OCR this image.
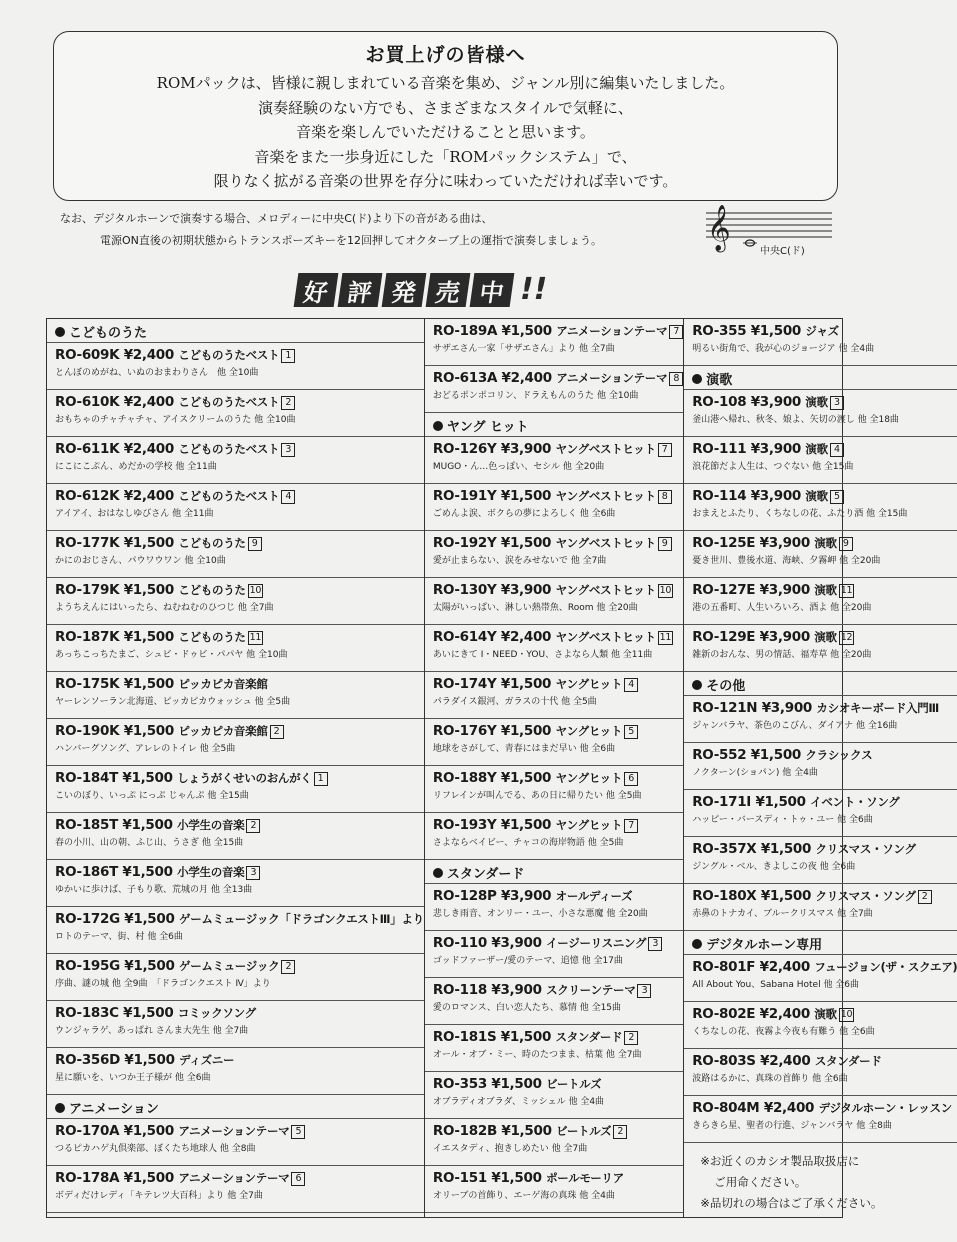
お買上げの皆様へ

ROMパックは、皆様に親しまれている音楽を集め、ジャンル別に編集いたしました。

演奏経験のない方でも、さまざまなスタイルで気軽に、

音楽を楽しんでいただけることと思います。

音楽をまた一歩身近にした「ROMパックシステム」で、

限りなく拡がる音楽の世界を存分に味わっていただければ幸いです。

なお、デジタルホーンで演奏する場合、メロディーに中央C(ド)より下の音がある曲は、
電源ON直後の初期状態からトランスポーズキーを12回押してオクターブ上の運指で演奏しましょう。	𝄞
中央C(ド)
好 評 発 売 中 !!
こどものうた
RO-609K ¥2,400 こどものうたベスト 1
とんぼのめがね、いぬのおまわりさん　他 全10曲
RO-610K ¥2,400 こどものうたベスト 2
おもちゃのチャチャチャ、アイスクリームのうた 他 全10曲
RO-611K ¥2,400 こどものうたベスト 3
にこにこぷん、めだかの学校 他 全11曲
RO-612K ¥2,400 こどものうたベスト 4
アイアイ、おはなしゆびさん 他 全11曲
RO-177K ¥1,500 こどものうた 9
かにのおじさん、パウワウワン 他 全10曲
RO-179K ¥1,500 こどものうた 10
ようちえんにはいったら、ねむねむのひつじ 他 全7曲
RO-187K ¥1,500 こどものうた 11
あっちこっちたまご、シュビ・ドゥビ・パパヤ 他 全10曲
RO-175K ¥1,500 ピッカピカ音楽館
ヤーレンソーラン北海道、ピッカピカウォッシュ 他 全5曲
RO-190K ¥1,500 ピッカピカ音楽館 2
ハンバーグソング、アレレのトイレ 他 全5曲
RO-184T ¥1,500 しょうがくせいのおんがく 1
こいのぼり、いっぷ にっぷ じゃんぷ 他 全15曲
RO-185T ¥1,500 小学生の音楽 2
春の小川、山の朝、ふじ山、うさぎ 他 全15曲
RO-186T ¥1,500 小学生の音楽 3
ゆかいに歩けば、子もり歌、荒城の月 他 全13曲
RO-172G ¥1,500 ゲームミュージック「ドラゴンクエストⅢ」より
ロトのテーマ、街、村 他 全6曲
RO-195G ¥1,500 ゲームミュージック 2
序曲、謎の城 他 全9曲　「ドラゴンクエスト Ⅳ」より
RO-183C ¥1,500 コミックソング
ウンジャラゲ、あっぱれ さんま大先生 他 全7曲
RO-356D ¥1,500 ディズニー
星に願いを、いつか王子様が 他 全6曲
アニメーション
RO-170A ¥1,500 アニメーションテーマ 5
つるピカハゲ丸倶楽部、ぼくたち地球人 他 全8曲
RO-178A ¥1,500 アニメーションテーマ 6
ボディだけレディ「キテレツ大百科」より 他 全7曲
RO-189A ¥1,500 アニメーションテーマ 7
サザエさん一家「サザエさん」より 他 全7曲
RO-613A ¥2,400 アニメーションテーマ 8
おどるポンポコリン、ドラえもんのうた 他 全10曲
ヤング ヒット
RO-126Y ¥3,900 ヤングベストヒット 7
MUGO・ん…色っぽい、セシル 他 全20曲
RO-191Y ¥1,500 ヤングベストヒット 8
ごめんよ涙、ボクらの夢によろしく 他 全6曲
RO-192Y ¥1,500 ヤングベストヒット 9
愛が止まらない、涙をみせないで 他 全7曲
RO-130Y ¥3,900 ヤングベストヒット 10
太陽がいっぱい、淋しい熱帯魚、Room 他 全20曲
RO-614Y ¥2,400 ヤングベストヒット 11
あいにきて I・NEED・YOU、さよなら人類 他 全11曲
RO-174Y ¥1,500 ヤングヒット 4
パラダイス銀河、ガラスの十代 他 全5曲
RO-176Y ¥1,500 ヤングヒット 5
地球をさがして、青春にはまだ早い 他 全6曲
RO-188Y ¥1,500 ヤングヒット 6
リフレインが叫んでる、あの日に帰りたい 他 全5曲
RO-193Y ¥1,500 ヤングヒット 7
さよならベイビー、チャコの海岸物語 他 全5曲
スタンダード
RO-128P ¥3,900 オールディーズ
悲しき雨音、オンリー・ユー、小さな悪魔 他 全20曲
RO-110 ¥3,900 イージーリスニング 3
ゴッドファーザー/愛のテーマ、追憶 他 全17曲
RO-118 ¥3,900 スクリーンテーマ 3
愛のロマンス、白い恋人たち、慕情 他 全15曲
RO-181S ¥1,500 スタンダード 2
オール・オブ・ミー、時のたつまま、枯葉 他 全7曲
RO-353 ¥1,500 ビートルズ
オブラディオブラダ、ミッシェル 他 全4曲
RO-182B ¥1,500 ビートルズ 2
イエスタディ、抱きしめたい 他 全7曲
RO-151 ¥1,500 ポールモーリア
オリーブの首飾り、エーゲ海の真珠 他 全4曲
RO-355 ¥1,500 ジャズ
明るい街角で、我が心のジョージア 他 全4曲
演歌
RO-108 ¥3,900 演歌 3
釜山港へ帰れ、秋冬、娘よ、矢切の渡し 他 全18曲
RO-111 ¥3,900 演歌 4
浪花節だよ人生は、つぐない 他 全15曲
RO-114 ¥3,900 演歌 5
おまえとふたり、くちなしの花、ふたり酒 他 全15曲
RO-125E ¥3,900 演歌 9
憂き世川、豊後水道、海峡、夕霧岬 他 全20曲
RO-127E ¥3,900 演歌 11
港の五番町、人生いろいろ、酒よ 他 全20曲
RO-129E ¥3,900 演歌 12
雑新のおんな、男の情話、福寿草 他 全20曲
その他
RO-121N ¥3,900 カシオキーボード入門Ⅲ
ジャンバラヤ、茶色のこびん、ダイアナ 他 全16曲
RO-552 ¥1,500 クラシックス
ノクターン(ショパン) 他 全4曲
RO-171I ¥1,500 イベント・ソング
ハッピー・バースディ・トゥ・ユー 他 全6曲
RO-357X ¥1,500 クリスマス・ソング
ジングル・ベル、きよしこの夜 他 全6曲
RO-180X ¥1,500 クリスマス・ソング 2
赤鼻のトナカイ、ブルークリスマス 他 全7曲
デジタルホーン専用
RO-801F ¥2,400 フュージョン(ザ・スクエア)
All About You、Sabana Hotel 他 全6曲
RO-802E ¥2,400 演歌 10
くちなしの花、夜霧よ今夜も有難う 他 全6曲
RO-803S ¥2,400 スタンダード
波路はるかに、真珠の首飾り 他 全6曲
RO-804M ¥2,400 デジタルホーン・レッスン
きらきら星、聖者の行進、ジャンバラヤ 他 全8曲
※お近くのカシオ製品取扱店に
ご用命ください。
※品切れの場合はご了承ください。
